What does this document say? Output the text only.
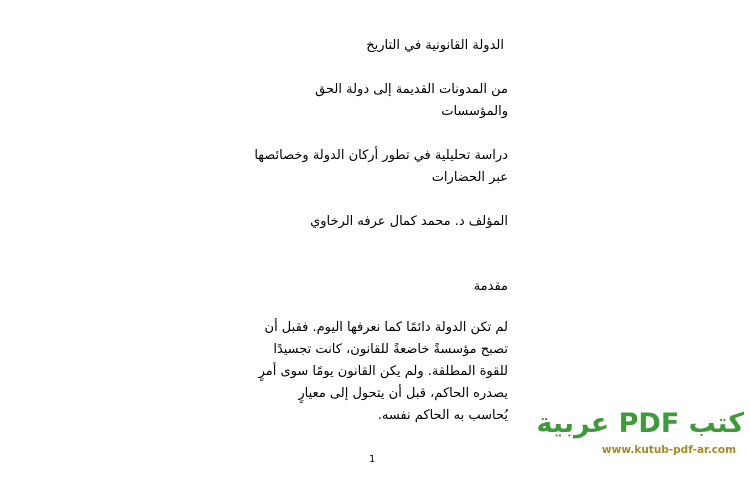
الدولة القانونية في التاريخ
من المدونات القديمة إلى دولة الحق
والمؤسسات
دراسة تحليلية في تطور أركان الدولة وخصائصها
عبر الحضارات
المؤلف د. محمد كمال عرفه الرخاوي
مقدمة
لم تكن الدولة دائمًا كما نعرفها اليوم. فقبل أن
تصبح مؤسسةً خاضعةً للقانون، كانت تجسيدًا
للقوة المطلقة. ولم يكن القانون يومًا سوى أمرٍ
يصدره الحاكم، قبل أن يتحول إلى معيارٍ
يُحاسب به الحاكم نفسه.
1
كتب PDF عربية
www.kutub-pdf-ar.com
